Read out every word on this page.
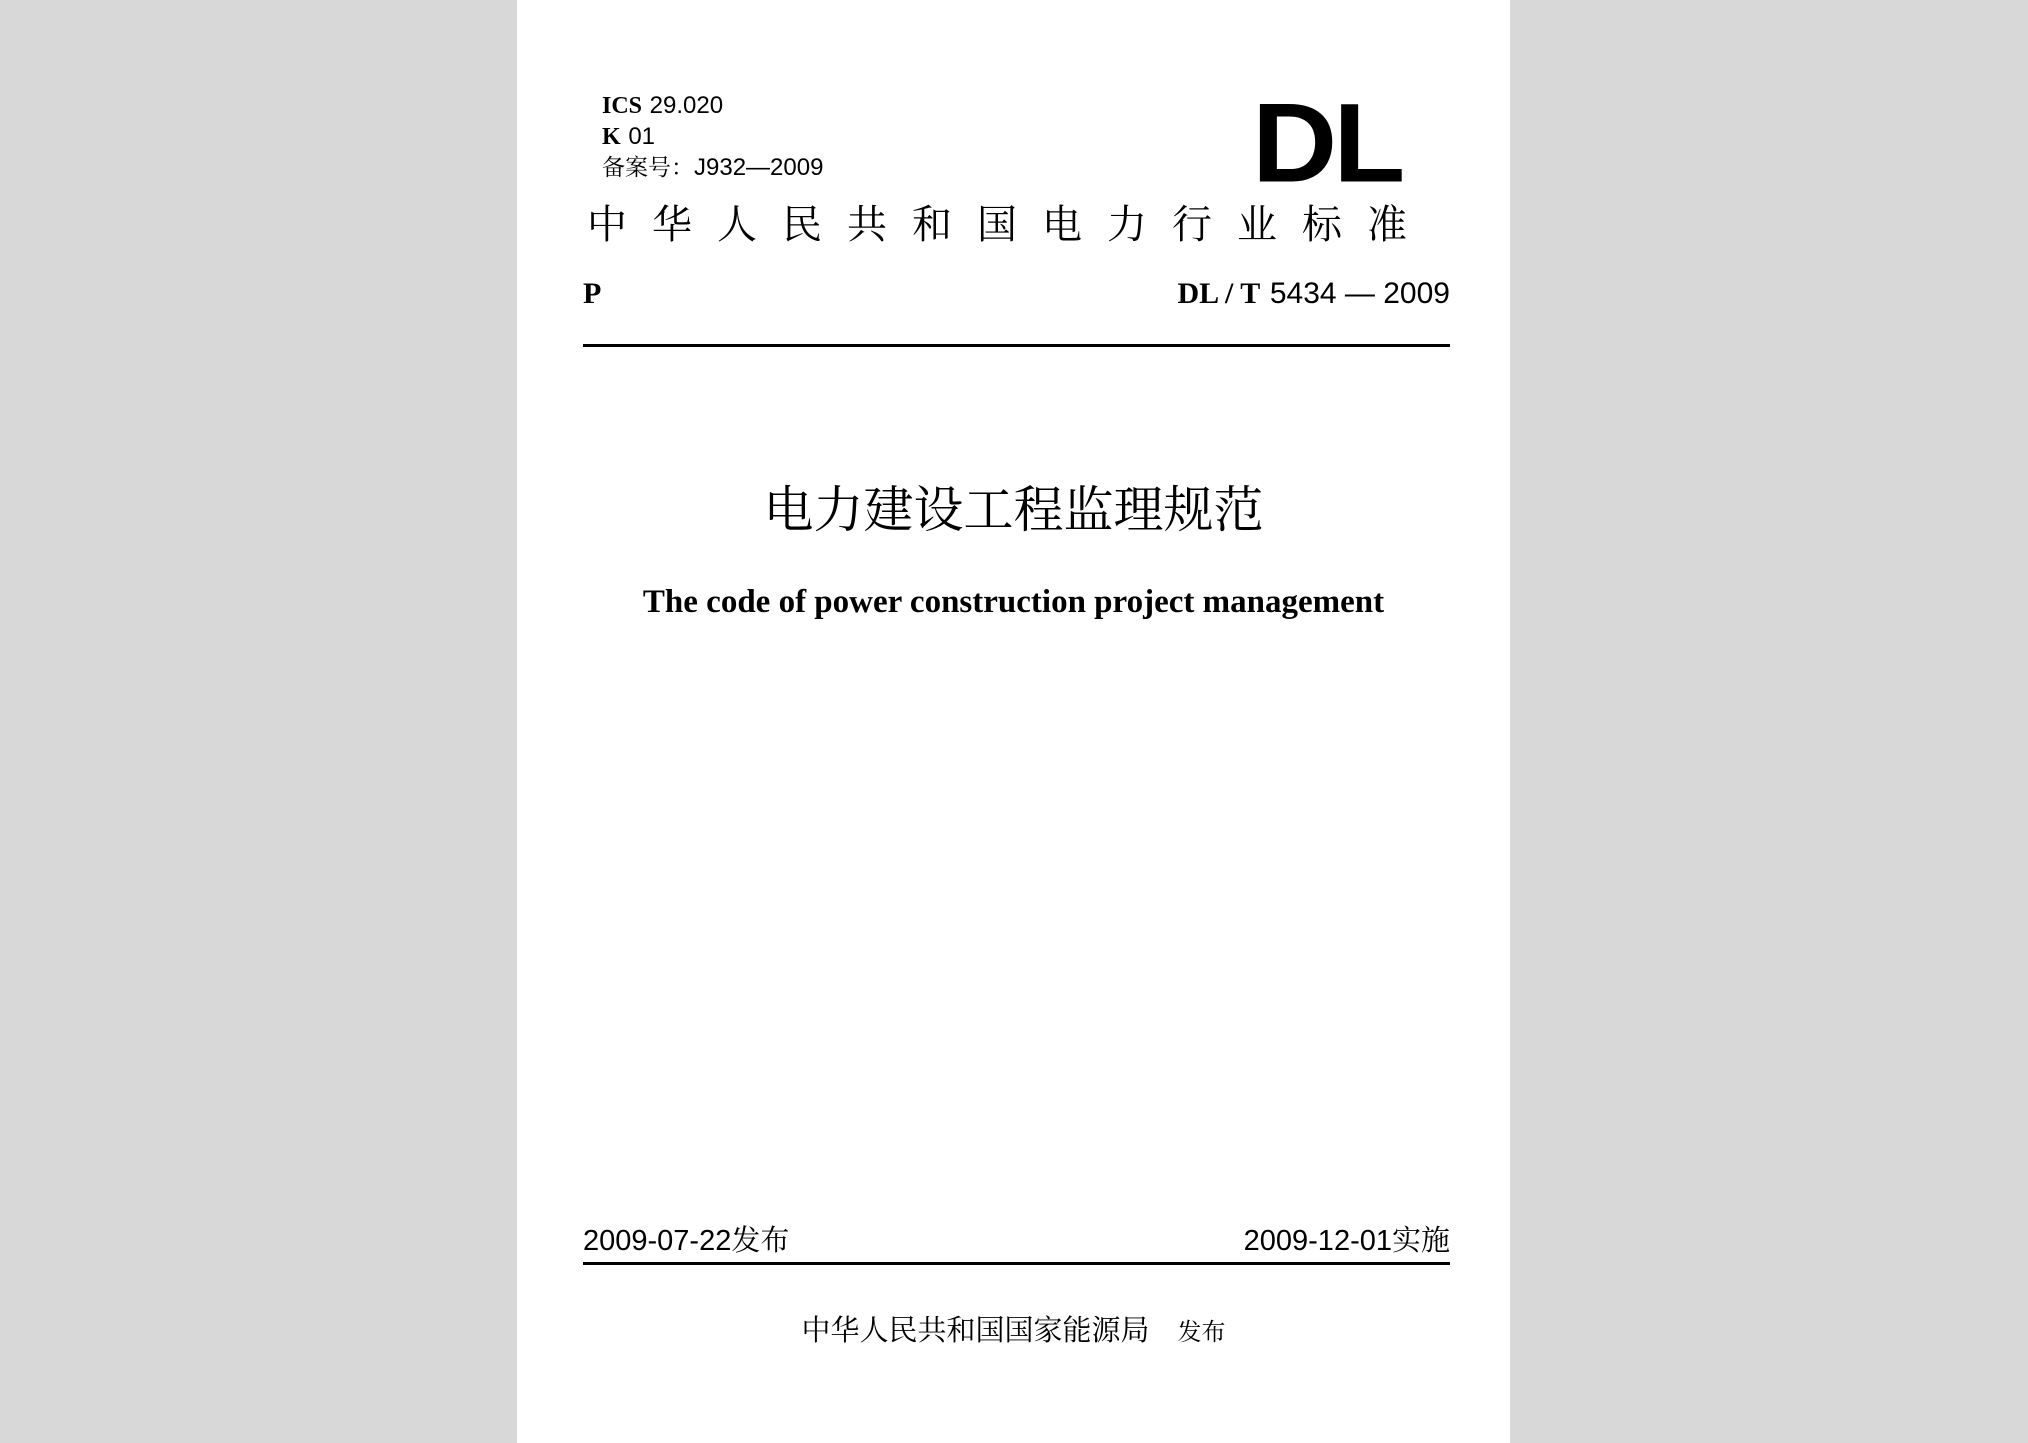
ICS 29.020
K 01
备案号：J932—2009	DL
中华人民共和国电力行业标准
P	DL / T 5434 — 2009
电力建设工程监理规范
The code of power construction project management
2009-07-22发布	2009-12-01实施
中华人民共和国国家能源局 发布
